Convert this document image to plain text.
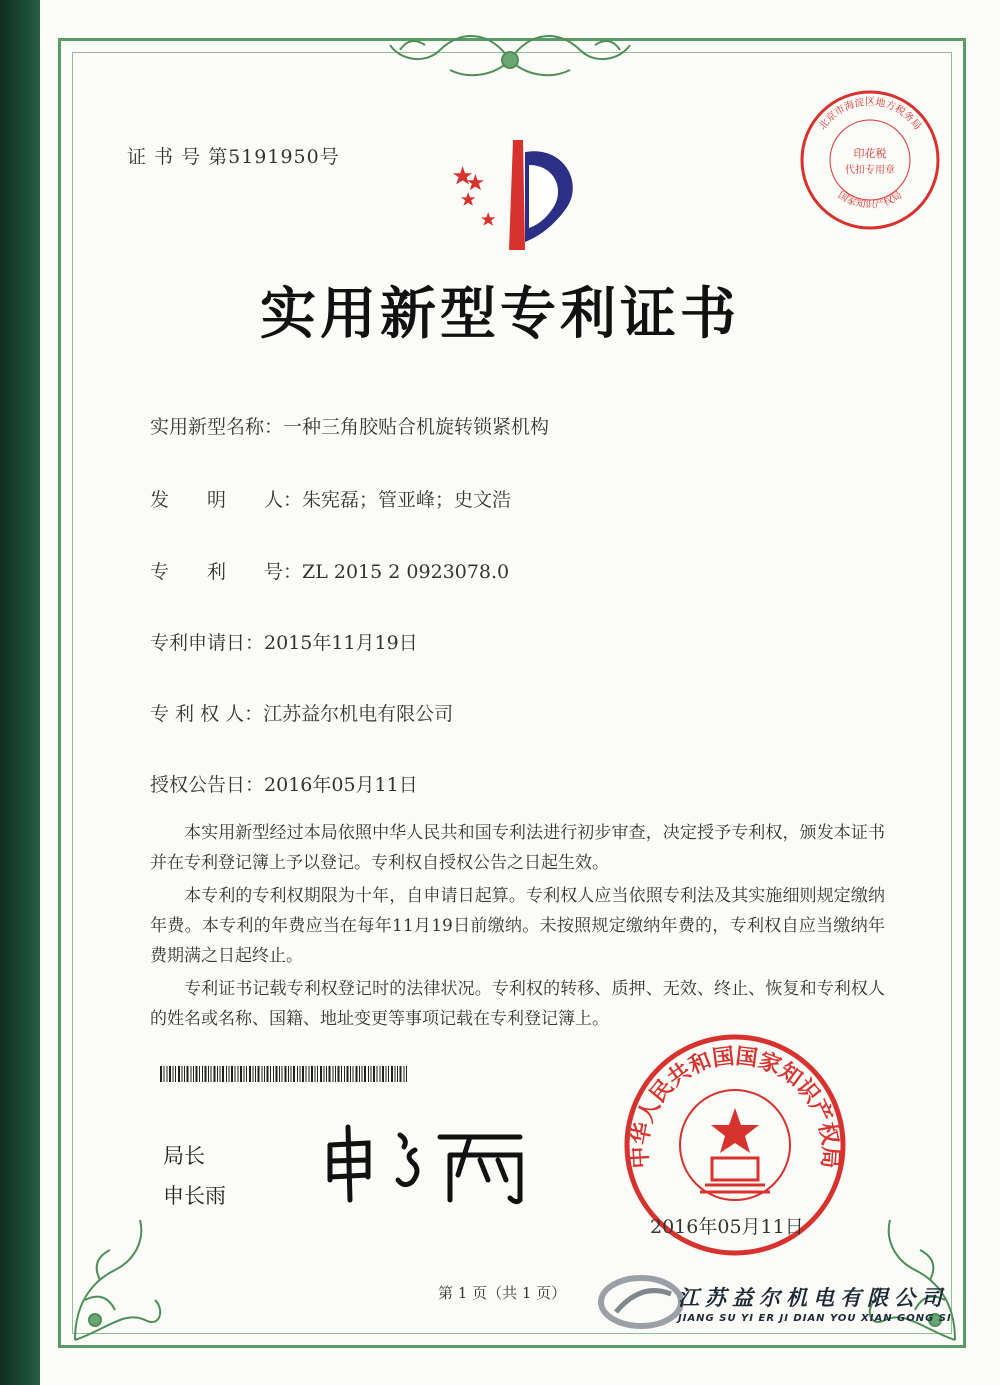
证 书 号 第5191950号	印花税
代扣专用章
北京市海淀区地方税务局
国家知识产权局
实用新型专利证书
实用新型名称：一种三角胶贴合机旋转锁紧机构
发　　明　　人：朱宪磊；管亚峰；史文浩
专　　利　　号：ZL 2015 2 0923078.0
专利申请日：2015年11月19日
专 利 权 人：江苏益尔机电有限公司
授权公告日：2016年05月11日

本实用新型经过本局依照中华人民共和国专利法进行初步审查，决定授予专利权，颁发本证书并在专利登记簿上予以登记。专利权自授权公告之日起生效。

本专利的专利权期限为十年，自申请日起算。专利权人应当依照专利法及其实施细则规定缴纳年费。本专利的年费应当在每年11月19日前缴纳。未按照规定缴纳年费的，专利权自应当缴纳年费期满之日起终止。

专利证书记载专利权登记时的法律状况。专利权的转移、质押、无效、终止、恢复和专利权人的姓名或名称、国籍、地址变更等事项记载在专利登记簿上。

局长
申长雨
中华人民共和国国家知识产权局
2016年05月11日
第 1 页（共 1 页）	江苏益尔机电有限公司
JIANG SU YI ER JI DIAN YOU XIAN GONG SI
